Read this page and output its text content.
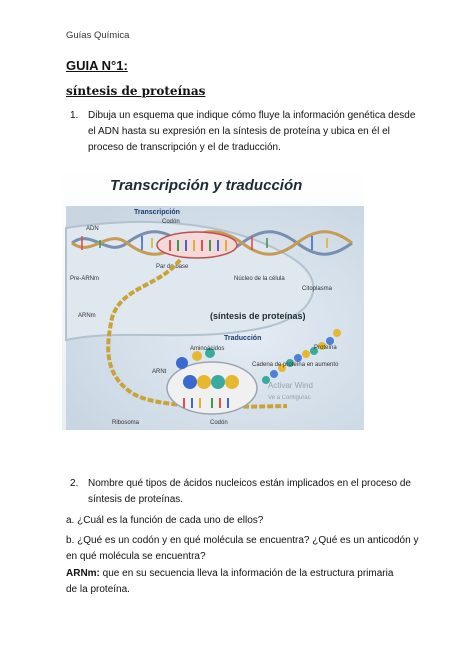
Guías Química
GUIA N°1:
síntesis de proteínas
1. Dibuja un esquema que indique cómo fluye la información genética desde el ADN hasta su expresión en la síntesis de proteína y ubica en él el proceso de transcripción y el de traducción.
Transcripción y traducción
Transcripción
Codón
ADN
Par de base
Núcleo de la célula
Pre-ARNm
Citoplasma
ARNm	(síntesis de proteínas)
Traducción
Proteína
Aminoácidos
ARNt
Cadena de proteína en aumento
Ribosoma	Codón
Activar Wind
Ve a Configurac
2. Nombre qué tipos de ácidos nucleicos están implicados en el proceso de síntesis de proteínas.
a. ¿Cuál es la función de cada uno de ellos?
b. ¿Qué es un codón y en qué molécula se encuentra? ¿Qué es un anticodón y en qué molécula se encuentra?
ARNm: que en su secuencia lleva la información de la estructura primaria de la proteína.
